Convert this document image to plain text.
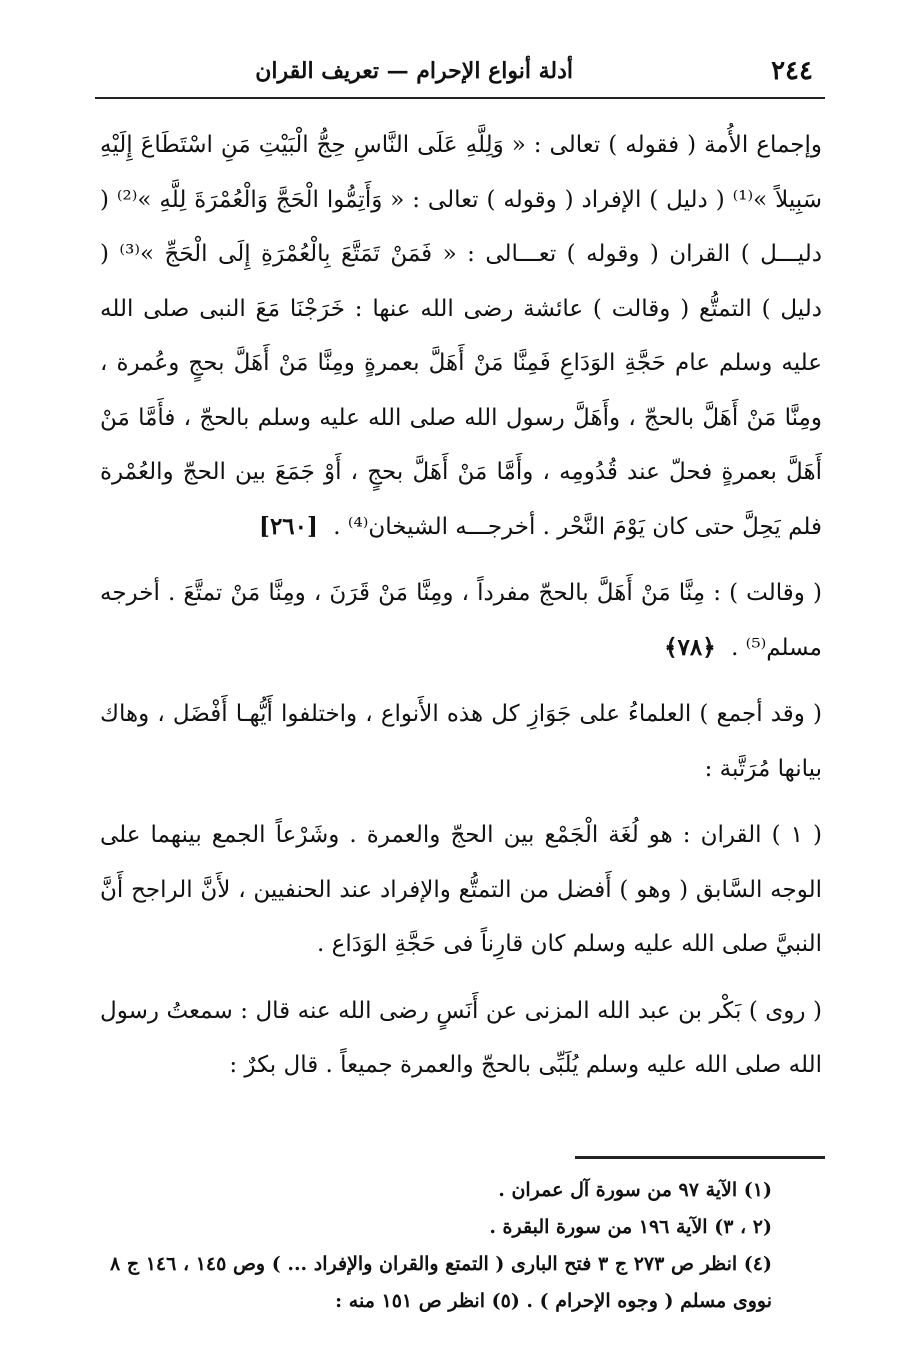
٢٤٤
أدلة أنواع الإحرام — تعريف القران

وإجماع الأُمة ( فقوله ) تعالى : « وَلِلَّهِ عَلَى النَّاسِ حِجُّ الْبَيْتِ مَنِ اسْتَطَاعَ إِلَيْهِ سَبِيلاً »⁽¹⁾ ( دليل ) الإفراد ( وقوله ) تعالى : « وَأَتِمُّوا الْحَجَّ وَالْعُمْرَةَ لِلَّهِ »⁽²⁾ ( دليـــل ) القران ( وقوله ) تعـــالى : « فَمَنْ تَمَتَّعَ بِالْعُمْرَةِ إِلَى الْحَجِّ »⁽³⁾ ( دليل ) التمتُّع ( وقالت ) عائشة رضى الله عنها : خَرَجْنَا مَعَ النبى صلى الله عليه وسلم عام حَجَّةِ الوَدَاعِ فَمِنَّا مَنْ أَهَلَّ بعمرةٍ ومِنَّا مَنْ أَهَلَّ بحجٍ وعُمرة ، ومِنَّا مَنْ أَهَلَّ بالحجّ ، وأَهَلَّ رسول الله صلى الله عليه وسلم بالحجّ ، فأَمَّا مَنْ أَهَلَّ بعمرةٍ فحلّ عند قُدُومِه ، وأَمَّا مَنْ أَهَلَّ بحجٍ ، أَوْ جَمَعَ بين الحجّ والعُمْرة فلم يَحِلَّ حتى كان يَوْمَ النَّحْر . أخرجـــه الشيخان⁽⁴⁾ . [٢٦٠]

( وقالت ) : مِنَّا مَنْ أَهَلَّ بالحجّ مفرداً ، ومِنَّا مَنْ قَرَنَ ، ومِنَّا مَنْ تمتَّعَ . أخرجه مسلم⁽⁵⁾ . ﴿٧٨﴾

( وقد أجمع ) العلماءُ على جَوَازِ كل هذه الأَنواع ، واختلفوا أَيُّهـا أَفْضَل ، وهاك بيانها مُرَتَّبة :

( ١ ) القران : هو لُغَة الْجَمْع بين الحجّ والعمرة . وشَرْعاً الجمع بينهما على الوجه السَّابق ( وهو ) أَفضل من التمتُّع والإفراد عند الحنفيين ، لأَنَّ الراجح أَنَّ النبيَّ صلى الله عليه وسلم كان قارِناً فى حَجَّةِ الوَدَاع .

( روى ) بَكْر بن عبد الله المزنى عن أَنَسٍ رضى الله عنه قال : سمعتُ رسول الله صلى الله عليه وسلم يُلَبِّى بالحجّ والعمرة جميعاً . قال بكرٌ :

(١) الآية ٩٧ من سورة آل عمران .

(٢ ، ٣) الآية ١٩٦ من سورة البقرة .

(٤) انظر ص ٢٧٣ ج ٣ فتح البارى ( التمتع والقران والإفراد ... ) وص ١٤٥ ، ١٤٦ ج ٨ نووى مسلم ( وجوه الإحرام ) . (٥) انظر ص ١٥١ منه :
